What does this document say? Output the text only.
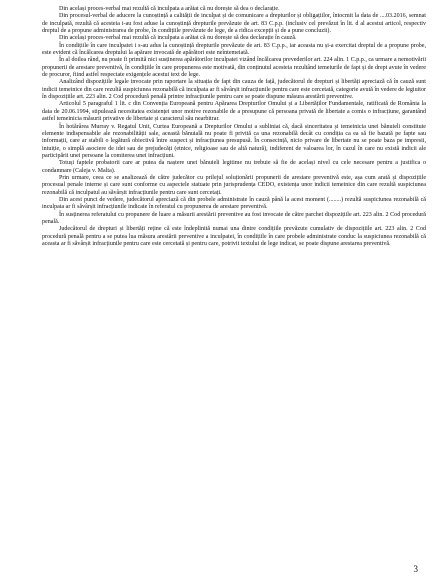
Din același proces-verbal mai rezultă că inculpata a arătat că nu dorește să dea o declarație.

Din procesul-verbal de aducere la cunoștință a calității de inculpat și de comunicare a drepturilor și obligațiilor, întocmit la data de ....03.2016, semnat de inculpată, rezultă că acesteia i-au fost aduse la cunoștință drepturile prevăzute de art. 83 C.p.p. (inclusiv cel prevăzut în lit. d al acestui articol, respectiv dreptul de a propune administrarea de probe, în condițiile prevăzute de lege, de a ridica excepții și de a pune concluzii).

Din același proces-verbal mai rezultă că inculpata a arătat că nu dorește să dea declarație în cauză.

În condițiile în care inculpatei i s-au adus la cunoștință drepturile prevăzute de art. 83 C.p.p., iar aceasta nu și-a exercitat dreptul de a propune probe, este evident că încălcarea dreptului la apărare invocată de apărători este neîntemeiată.

În al doilea rând, nu poate fi primită nici susținerea apărătorilor inculpatei vizând încălcarea prevederilor art. 224 alin. 1 C.p.p., ca urmare a nemotivării propunerii de arestare preventivă, în condițiile în care propunerea este motivată, din conținutul acesteia rezultând temeiurile de fapt și de drept avute în vedere de procuror, fiind astfel respectate exigențele acestui text de lege.

Analizând dispozițiile legale invocate prin raportare la situația de fapt din cauza de față, judecătorul de drepturi și libertăți apreciază că în cauză sunt indicii temeinice din care rezultă suspiciunea rezonabilă că inculpata ar fi săvârșit infracțiunile pentru care este cercetată, categorie avută în vedere de legiuitor în dispozițiile art. 223 alin. 2 Cod procedură penală printre infracțiunile pentru care se poate dispune măsura arestării preventive.

Articolul 5 paragraful 1 lit. c din Convenția Europeană pentru Apărarea Drepturilor Omului și a Libertăților Fundamentale, ratificată de România la data de 20.06.1994, stipulează necesitatea existenței unor motive rezonabile de a presupune că persoana privată de libertate a comis o infracțiune, garantând astfel temeinicia măsurii privative de libertate și caracterul său nearbitrar.

În hotărârea Murray v. Regatul Unit, Curtea Europeană a Drepturilor Omului a subliniat că, dacă sinceritatea și temeinicia unei bănuieli constituie elemente indispensabile ale rezonabilității sale, această bănuială nu poate fi privită ca una rezonabilă decât cu condiția ca ea să fie bazată pe fapte sau informații, care ar stabili o legătură obiectivă între suspect și infracțiunea presupusă. În consecință, nicio privare de libertate nu se poate baza pe impresii, intuiție, o simplă asociere de idei sau de prejudecăți (etnice, religioase sau de altă natură), indiferent de valoarea lor, în cazul în care nu există indicii ale participării unei persoane la comiterea unei infracțiuni.

Totuși faptele probatorii care ar putea da naștere unei bănuieli legitime nu trebuie să fie de același nivel cu cele necesare pentru a justifica o condamnare (Caleja v. Malta).

Prin urmare, ceea ce se analizează de către judecător cu prilejul soluționării propunerii de arestare preventivă este, așa cum arată și dispozițiile procesual penale interne și care sunt conforme cu aspectele statuate prin jurisprudența CEDO, existența unor indicii temeinice din care rezultă suspiciunea rezonabilă că inculpatul au săvârșit infracțiunile pentru care sunt cercetați.

Din acest punct de vedere, judecătorul apreciază că din probele administrate în cauză până la acest moment (........) rezultă suspiciunea rezonabilă că inculpata ar fi săvârșit infracțiunile indicate în referatul cu propunerea de arestare preventivă.

În susținerea referatului cu propunere de luare a măsurii arestării preventive au fost invocate de către parchet dispozițiile art. 223 alin. 2 Cod procedură penală.

Judecătorul de drepturi și libertăți reține că este îndeplinită numai una dintre condițiile prevăzute cumulativ de dispozițiile art. 223 alin. 2 Cod procedură penală pentru a se putea lua măsura arestării preventive a inculpatei, în condițiile în care probele administrate conduc la suspiciunea rezonabilă că aceasta ar fi săvârșit infracțiunile pentru care este cercetată și pentru care, potrivit textului de lege indicat, se poate dispune arestarea preventivă.

3
